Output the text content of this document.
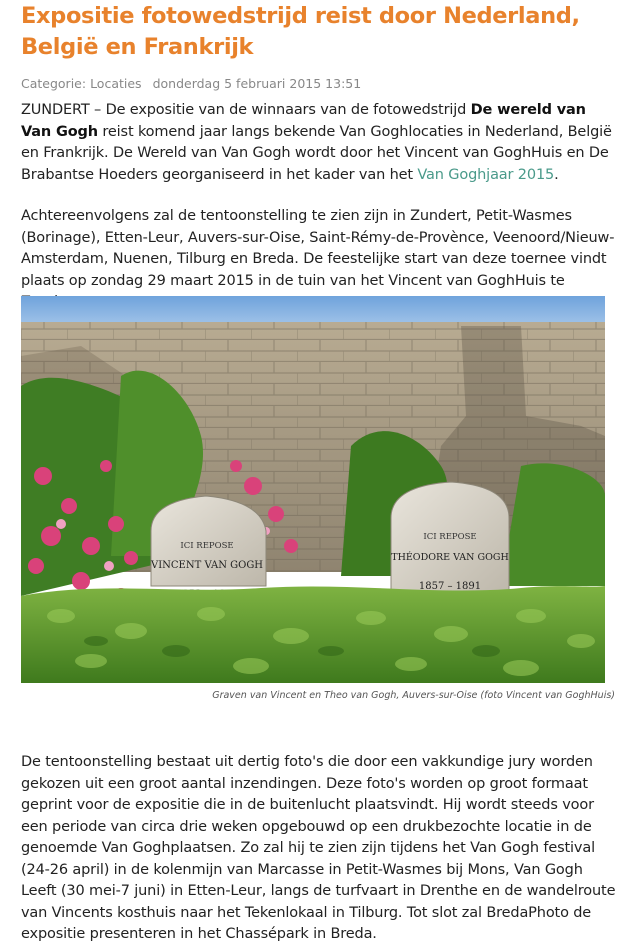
Expositie fotowedstrijd reist door Nederland, België en Frankrijk
Categorie: Locaties donderdag 5 februari 2015 13:51

ZUNDERT – De expositie van de winnaars van de fotowedstrijd De wereld van Van Gogh reist komend jaar langs bekende Van Goghlocaties in Nederland, België en Frankrijk. De Wereld van Van Gogh wordt door het Vincent van GoghHuis en De Brabantse Hoeders georganiseerd in het kader van het Van Goghjaar 2015.

Achtereenvolgens zal de tentoonstelling te zien zijn in Zundert, Petit-Wasmes (Borinage), Etten-Leur, Auvers-sur-Oise, Saint-Rémy-de-Provènce, Veenoord/Nieuw-Amsterdam, Nuenen, Tilburg en Breda. De feestelijke start van deze toernee vindt plaats op zondag 29 maart 2015 in de tuin van het Vincent van GoghHuis te

De tentoonstelling bestaat uit dertig foto's die door een vakkundige jury worden gekozen uit een groot aantal inzendingen. Deze foto's worden op groot formaat geprint voor de expositie die in de buitenlucht plaatsvindt. Hij wordt steeds voor een periode van circa drie weken opgebouwd op een drukbezochte locatie in de genoemde Van Goghplaatsen. Zo zal hij te zien zijn tijdens het Van Gogh festival (24-26 april) in de kolenmijn van Marcasse in Petit-Wasmes bij Mons, Van Gogh Leeft (30 mei-7 juni) in Etten-Leur, langs de turfvaart in Drenthe en de wandelroute van Vincents kosthuis naar het Tekenlokaal in Tilburg. Tot slot zal BredaPhoto de expositie presenteren in het Chassépark in Breda.

ICI REPOSE
VINCENT VAN GOGH
ICI REPOSE
THÉODORE VAN GOGH
1857 – 1891
Graven van Vincent en Theo van Gogh, Auvers-sur-Oise (foto Vincent van GoghHuis)
